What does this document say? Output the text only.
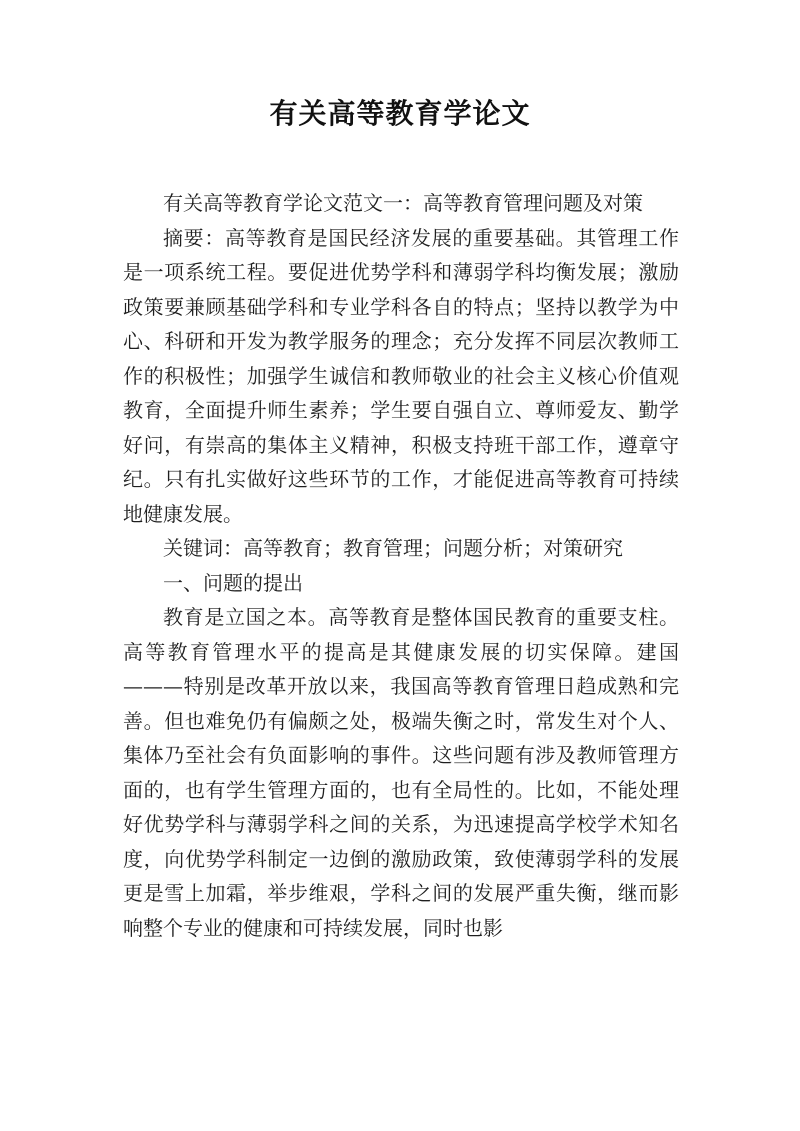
有关高等教育学论文

有关高等教育学论文范文一：高等教育管理问题及对策

摘要：高等教育是国民经济发展的重要基础。其管理工作是一项系统工程。要促进优势学科和薄弱学科均衡发展；激励政策要兼顾基础学科和专业学科各自的特点；坚持以教学为中心、科研和开发为教学服务的理念；充分发挥不同层次教师工作的积极性；加强学生诚信和教师敬业的社会主义核心价值观教育，全面提升师生素养；学生要自强自立、尊师爱友、勤学好问，有崇高的集体主义精神，积极支持班干部工作，遵章守纪。只有扎实做好这些环节的工作，才能促进高等教育可持续地健康发展。

关键词：高等教育；教育管理；问题分析；对策研究

一、问题的提出

教育是立国之本。高等教育是整体国民教育的重要支柱。高等教育管理水平的提高是其健康发展的切实保障。建国———特别是改革开放以来，我国高等教育管理日趋成熟和完善。但也难免仍有偏颇之处，极端失衡之时，常发生对个人、集体乃至社会有负面影响的事件。这些问题有涉及教师管理方面的，也有学生管理方面的，也有全局性的。比如，不能处理好优势学科与薄弱学科之间的关系，为迅速提高学校学术知名度，向优势学科制定一边倒的激励政策，致使薄弱学科的发展更是雪上加霜，举步维艰，学科之间的发展严重失衡，继而影响整个专业的健康和可持续发展，同时也影
